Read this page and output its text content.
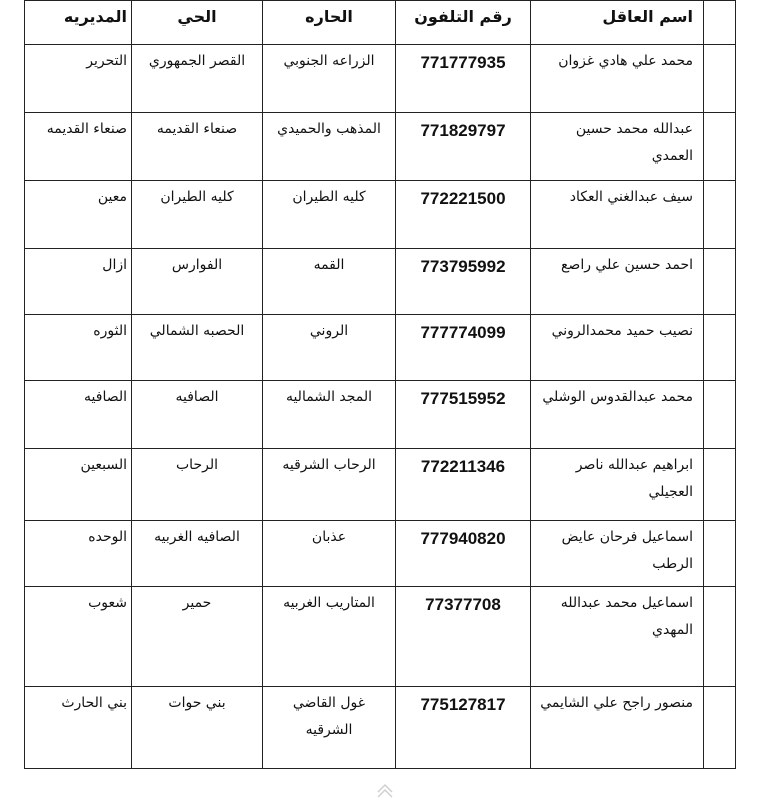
	اسم العاقل	رقم التلفون	الحاره	الحي	المديريه
	محمد علي هادي غزوان	771777935	الزراعه الجنوبي	القصر الجمهوري	التحرير
	عبدالله محمد حسين العمدي	771829797	المذهب والحميدي	صنعاء القديمه	صنعاء القديمه
	سيف عبدالغني العكاد	772221500	كليه الطيران	كليه الطيران	معين
	احمد حسين علي راصع	773795992	القمه	الفوارس	ازال
	نصيب حميد محمدالروني	777774099	الروني	الحصبه الشمالي	الثوره
	محمد عبدالقدوس الوشلي	777515952	المجد الشماليه	الصافيه	الصافيه
	ابراهيم عبدالله ناصر العجيلي	772211346	الرحاب الشرقيه	الرحاب	السبعين
	اسماعيل فرحان عايض الرطب	777940820	عذبان	الصافيه الغربيه	الوحده
	اسماعيل محمد عبدالله المهدي	77377708	المتاريب الغربيه	حمير	شعوب
	منصور راجح علي الشايمي	775127817	غول القاضي الشرقيه	بني حوات	بني الحارث
